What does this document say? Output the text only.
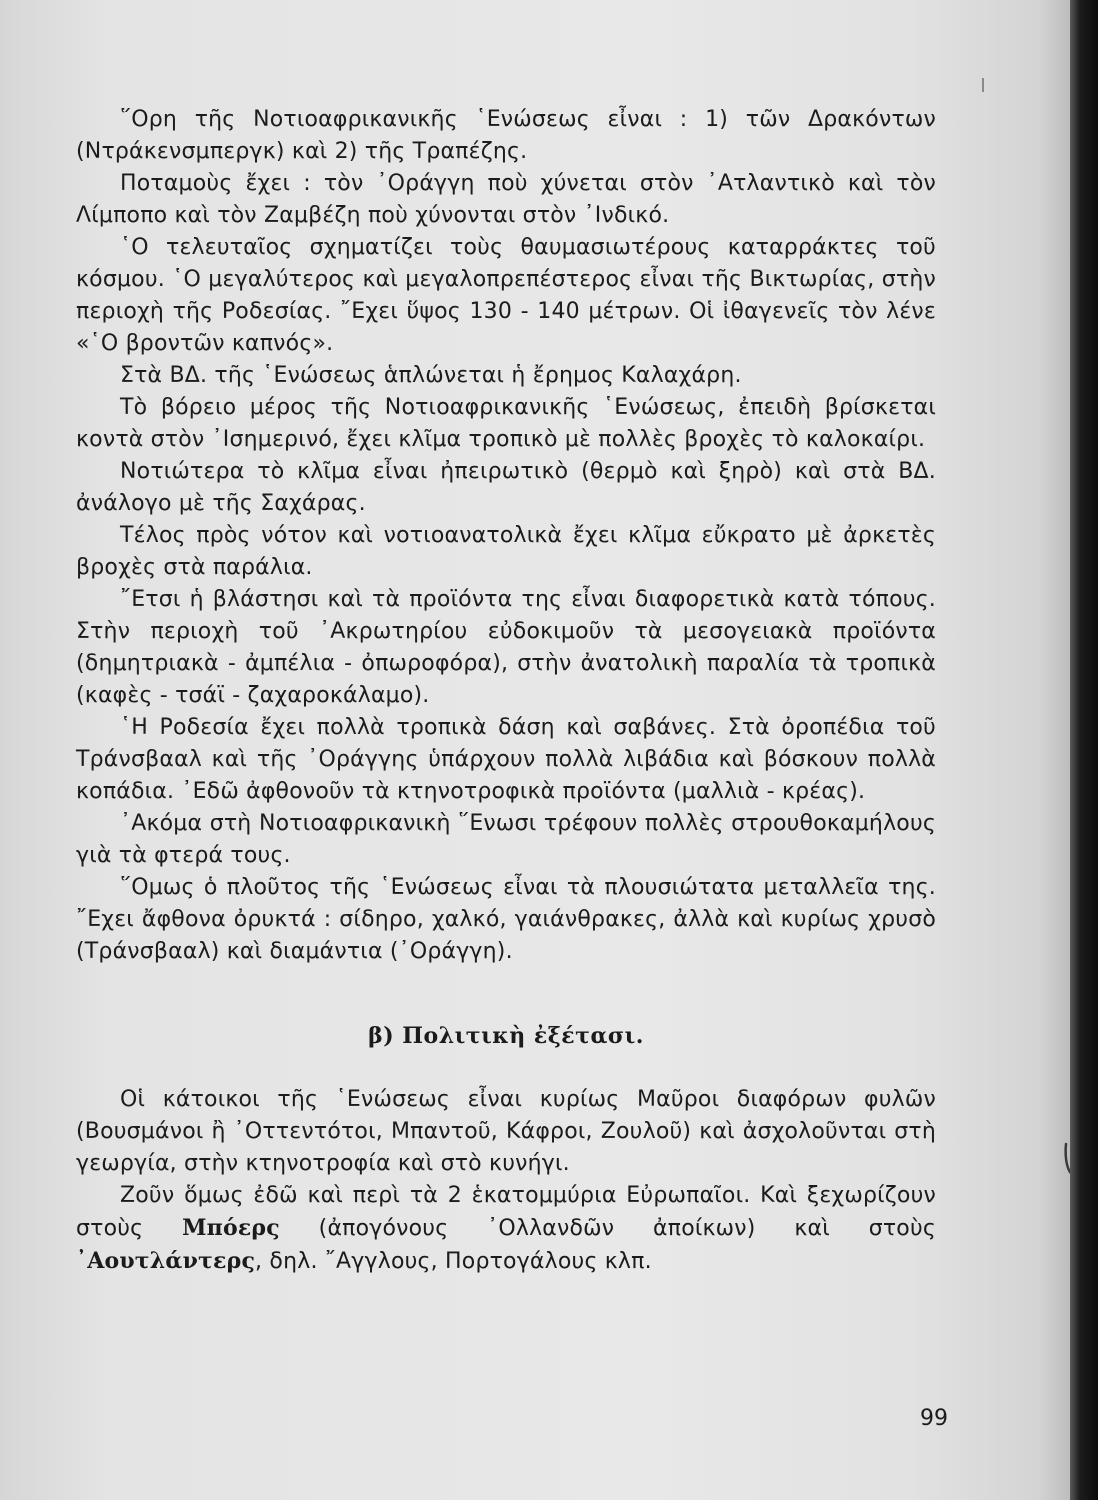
῞Ορη τῆς Νοτιοαφρικανικῆς ῾Ενώσεως εἶναι : 1) τῶν Δρακόντων (Ντράκενσμπεργκ) καὶ 2) τῆς Τραπέζης.

Ποταμοὺς ἔχει : τὸν ᾿Οράγγη ποὺ χύνεται στὸν ᾿Ατλαντικὸ καὶ τὸν Λίμποπο καὶ τὸν Ζαμβέζη ποὺ χύνονται στὸν ᾿Ινδικό.

῾Ο τελευταῖος σχηματίζει τοὺς θαυμασιωτέρους καταρράκτες τοῦ κόσμου. ῾Ο μεγαλύτερος καὶ μεγαλοπρεπέστερος εἶναι τῆς Βικτωρίας, στὴν περιοχὴ τῆς Ροδεσίας. ῎Εχει ὕψος 130 - 140 μέτρων. Οἱ ἰθαγενεῖς τὸν λένε «῾Ο βροντῶν καπνός».

Στὰ ΒΔ. τῆς ῾Ενώσεως ἁπλώνεται ἡ ἔρημος Καλαχάρη.

Τὸ βόρειο μέρος τῆς Νοτιοαφρικανικῆς ῾Ενώσεως, ἐπειδὴ βρίσκεται κοντὰ στὸν ᾿Ισημερινό, ἔχει κλῖμα τροπικὸ μὲ πολλὲς βροχὲς τὸ καλοκαίρι.

Νοτιώτερα τὸ κλῖμα εἶναι ἠπειρωτικὸ (θερμὸ καὶ ξηρὸ) καὶ στὰ ΒΔ. ἀνάλογο μὲ τῆς Σαχάρας.

Τέλος πρὸς νότον καὶ νοτιοανατολικὰ ἔχει κλῖμα εὔκρατο μὲ ἀρκετὲς βροχὲς στὰ παράλια.

῎Ετσι ἡ βλάστησι καὶ τὰ προϊόντα της εἶναι διαφορετικὰ κατὰ τόπους. Στὴν περιοχὴ τοῦ ᾿Ακρωτηρίου εὐδοκιμοῦν τὰ μεσογειακὰ προϊόντα (δημητριακὰ - ἀμπέλια - ὀπωροφόρα), στὴν ἀνατολικὴ παραλία τὰ τροπικὰ (καφὲς - τσάϊ - ζαχαροκάλαμο).

῾Η Ροδεσία ἔχει πολλὰ τροπικὰ δάση καὶ σαβάνες. Στὰ ὀροπέδια τοῦ Τράνσβααλ καὶ τῆς ᾿Οράγγης ὑπάρχουν πολλὰ λιβάδια καὶ βόσκουν πολλὰ κοπάδια. ᾿Εδῶ ἀφθονοῦν τὰ κτηνοτροφικὰ προϊόντα (μαλλιὰ - κρέας).

᾿Ακόμα στὴ Νοτιοαφρικανικὴ ῞Ενωσι τρέφουν πολλὲς στρουθοκαμήλους γιὰ τὰ φτερά τους.

῞Ομως ὁ πλοῦτος τῆς ῾Ενώσεως εἶναι τὰ πλουσιώτατα μεταλλεῖα της. ῎Εχει ἄφθονα ὀρυκτά : σίδηρο, χαλκό, γαιάνθρακες, ἀλλὰ καὶ κυρίως χρυσὸ (Τράνσβααλ) καὶ διαμάντια (᾿Οράγγη).

β) Πολιτικὴ ἐξέτασι.

Οἱ κάτοικοι τῆς ῾Ενώσεως εἶναι κυρίως Μαῦροι διαφόρων φυλῶν (Βουσμάνοι ἢ ᾿Οττεντότοι, Μπαντοῦ, Κάφροι, Ζουλοῦ) καὶ ἀσχολοῦνται στὴ γεωργία, στὴν κτηνοτροφία καὶ στὸ κυνήγι.

Ζοῦν ὅμως ἐδῶ καὶ περὶ τὰ 2 ἑκατομμύρια Εὐρωπαῖοι. Καὶ ξεχωρίζουν στοὺς Μπόερς (ἀπογόνους ᾿Ολλανδῶν ἀποίκων) καὶ στοὺς ᾿Αουτλάντερς, δηλ. ῎Αγγλους, Πορτογάλους κλπ.

99
